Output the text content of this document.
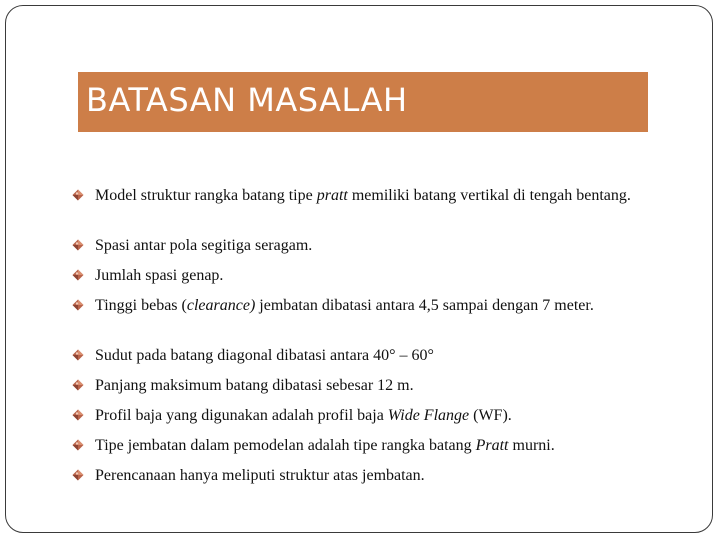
BATASAN MASALAH
Model struktur rangka batang tipe pratt memiliki batang vertikal di tengah bentang.
Spasi antar pola segitiga seragam.
Jumlah spasi genap.
Tinggi bebas (clearance) jembatan dibatasi antara 4,5 sampai dengan 7 meter.
Sudut pada batang diagonal dibatasi antara 40° – 60°
Panjang maksimum batang dibatasi sebesar 12 m.
Profil baja yang digunakan adalah profil baja Wide Flange (WF).
Tipe jembatan dalam pemodelan adalah tipe rangka batang Pratt murni.
Perencanaan hanya meliputi struktur atas jembatan.
